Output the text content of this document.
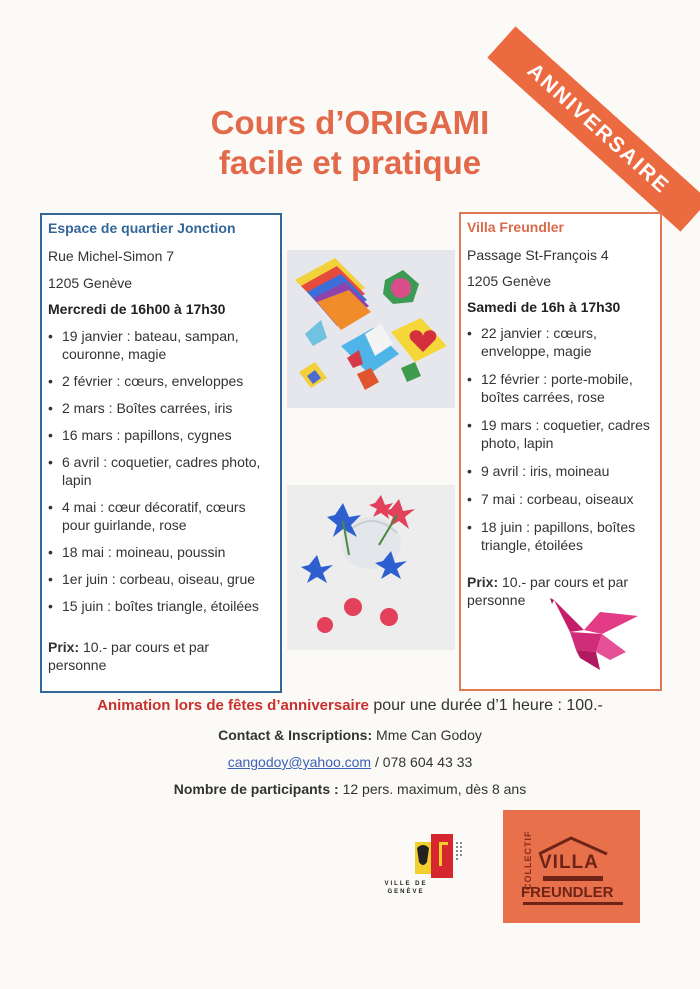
Cours d’ORIGAMI
facile et pratique	ANNIVERSAIRE
Espace de quartier Jonction
Rue Michel-Simon 7
1205 Genève
Mercredi de 16h00 à 17h30
• 19 janvier : bateau, sampan, couronne, magie
• 2 février : cœurs, enveloppes
• 2 mars : Boîtes carrées, iris
• 16 mars : papillons, cygnes
• 6 avril : coquetier, cadres photo, lapin
• 4 mai : cœur décoratif, cœurs pour guirlande, rose
• 18 mai : moineau, poussin
• 1er juin : corbeau, oiseau, grue
• 15 juin : boîtes triangle, étoilées
Prix: 10.- par cours et par personne
Villa Freundler
Passage St-François 4
1205 Genève
Samedi de 16h à 17h30
• 22 janvier : cœurs, enveloppe, magie
• 12 février : porte-mobile, boîtes carrées, rose
• 19 mars : coquetier, cadres photo, lapin
• 9 avril : iris, moineau
• 7 mai : corbeau, oiseaux
• 18 juin : papillons, boîtes triangle, étoilées
Prix: 10.- par cours et par personne
Animation lors de fêtes d’anniversaire pour une durée d’1 heure : 100.-
Contact & Inscriptions: Mme Can Godoy
cangodoy@yahoo.com / 078 604 43 33
Nombre de participants : 12 pers. maximum, dès 8 ans
VILLE DE GENÈVE
COLLECTIF VILLA
FREUNDLER
